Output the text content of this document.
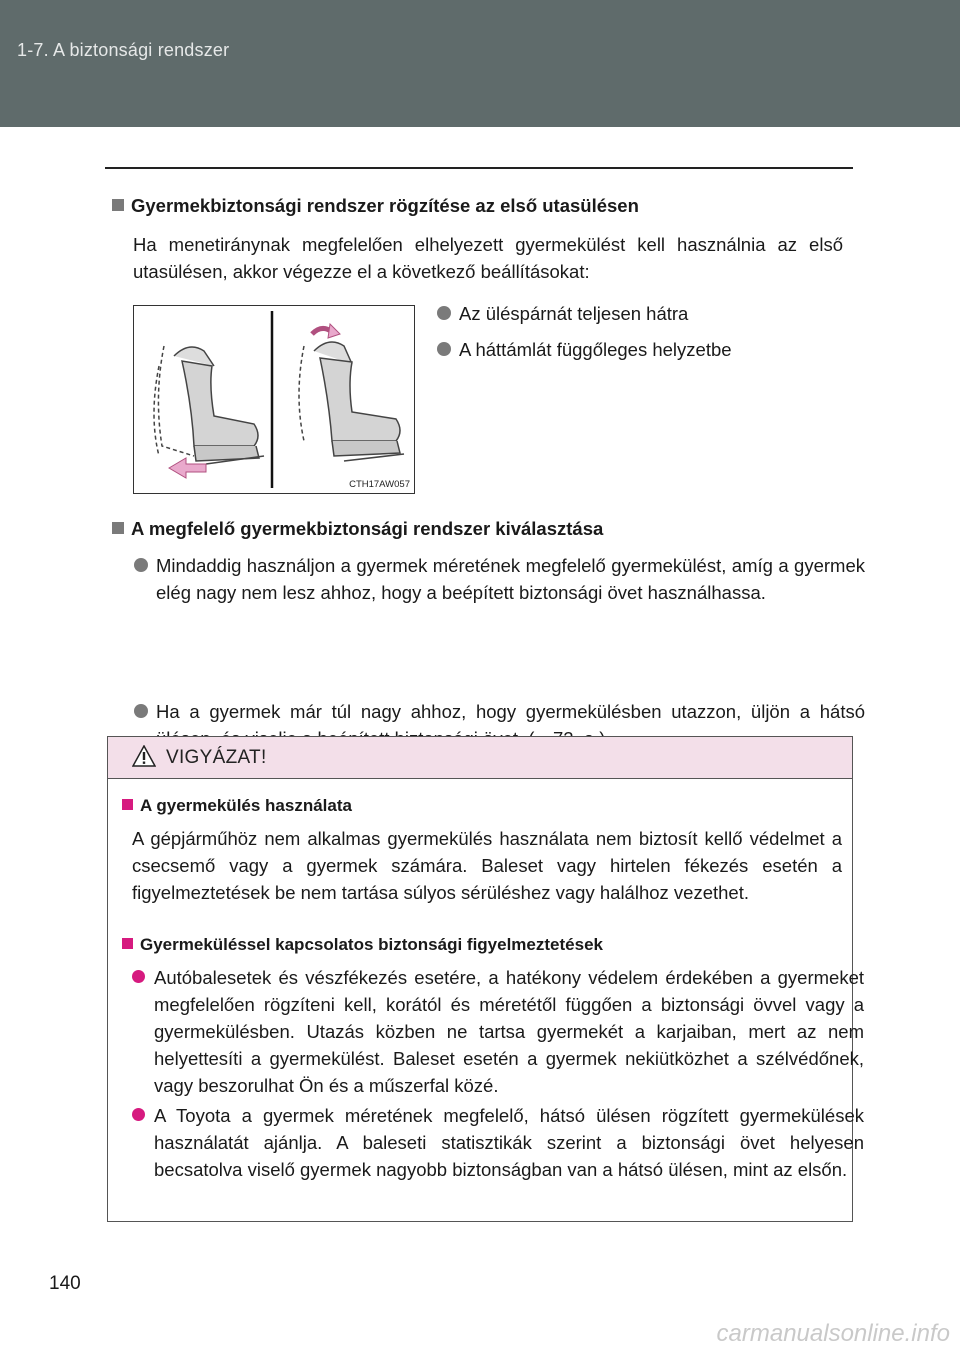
1-7. A biztonsági rendszer
Gyermekbiztonsági rendszer rögzítése az első utasülésen
Ha menetiránynak megfelelően elhelyezett gyermekülést kell használnia az első utasülésen, akkor végezze el a következő beállításokat:
CTH17AW057
Az üléspárnát teljesen hátra
A háttámlát függőleges helyzetbe
A megfelelő gyermekbiztonsági rendszer kiválasztása
Mindaddig használjon a gyermek méretének megfelelő gyermekülést, amíg a gyermek elég nagy nem lesz ahhoz, hogy a beépített biztonsági övet használhassa.
Ha a gyermek már túl nagy ahhoz, hogy gyermekülésben utazzon, üljön a hátsó
VIGYÁZAT!
A gyermekülés használata
A gépjárműhöz nem alkalmas gyermekülés használata nem biztosít kellő védelmet a csecsemő vagy a gyermek számára. Baleset vagy hirtelen fékezés esetén a figyelmeztetések be nem tartása súlyos sérüléshez vagy halálhoz vezethet.
Gyermeküléssel kapcsolatos biztonsági figyelmeztetések
Autóbalesetek és vészfékezés esetére, a hatékony védelem érdekében a gyermeket megfelelően rögzíteni kell, korától és méretétől függően a biztonsági övvel vagy a gyermekülésben. Utazás közben ne tartsa gyermekét a karjaiban, mert az nem helyettesíti a gyermekülést. Baleset esetén a gyermek nekiütközhet a szélvédőnek, vagy beszorulhat Ön és a műszerfal közé.
A Toyota a gyermek méretének megfelelő, hátsó ülésen rögzített gyermekülések használatát ajánlja. A baleseti statisztikák szerint a biztonsági övet helyesen becsatolva viselő gyermek nagyobb biztonságban van a hátsó ülésen, mint az elsőn.
140
carmanualsonline.info
